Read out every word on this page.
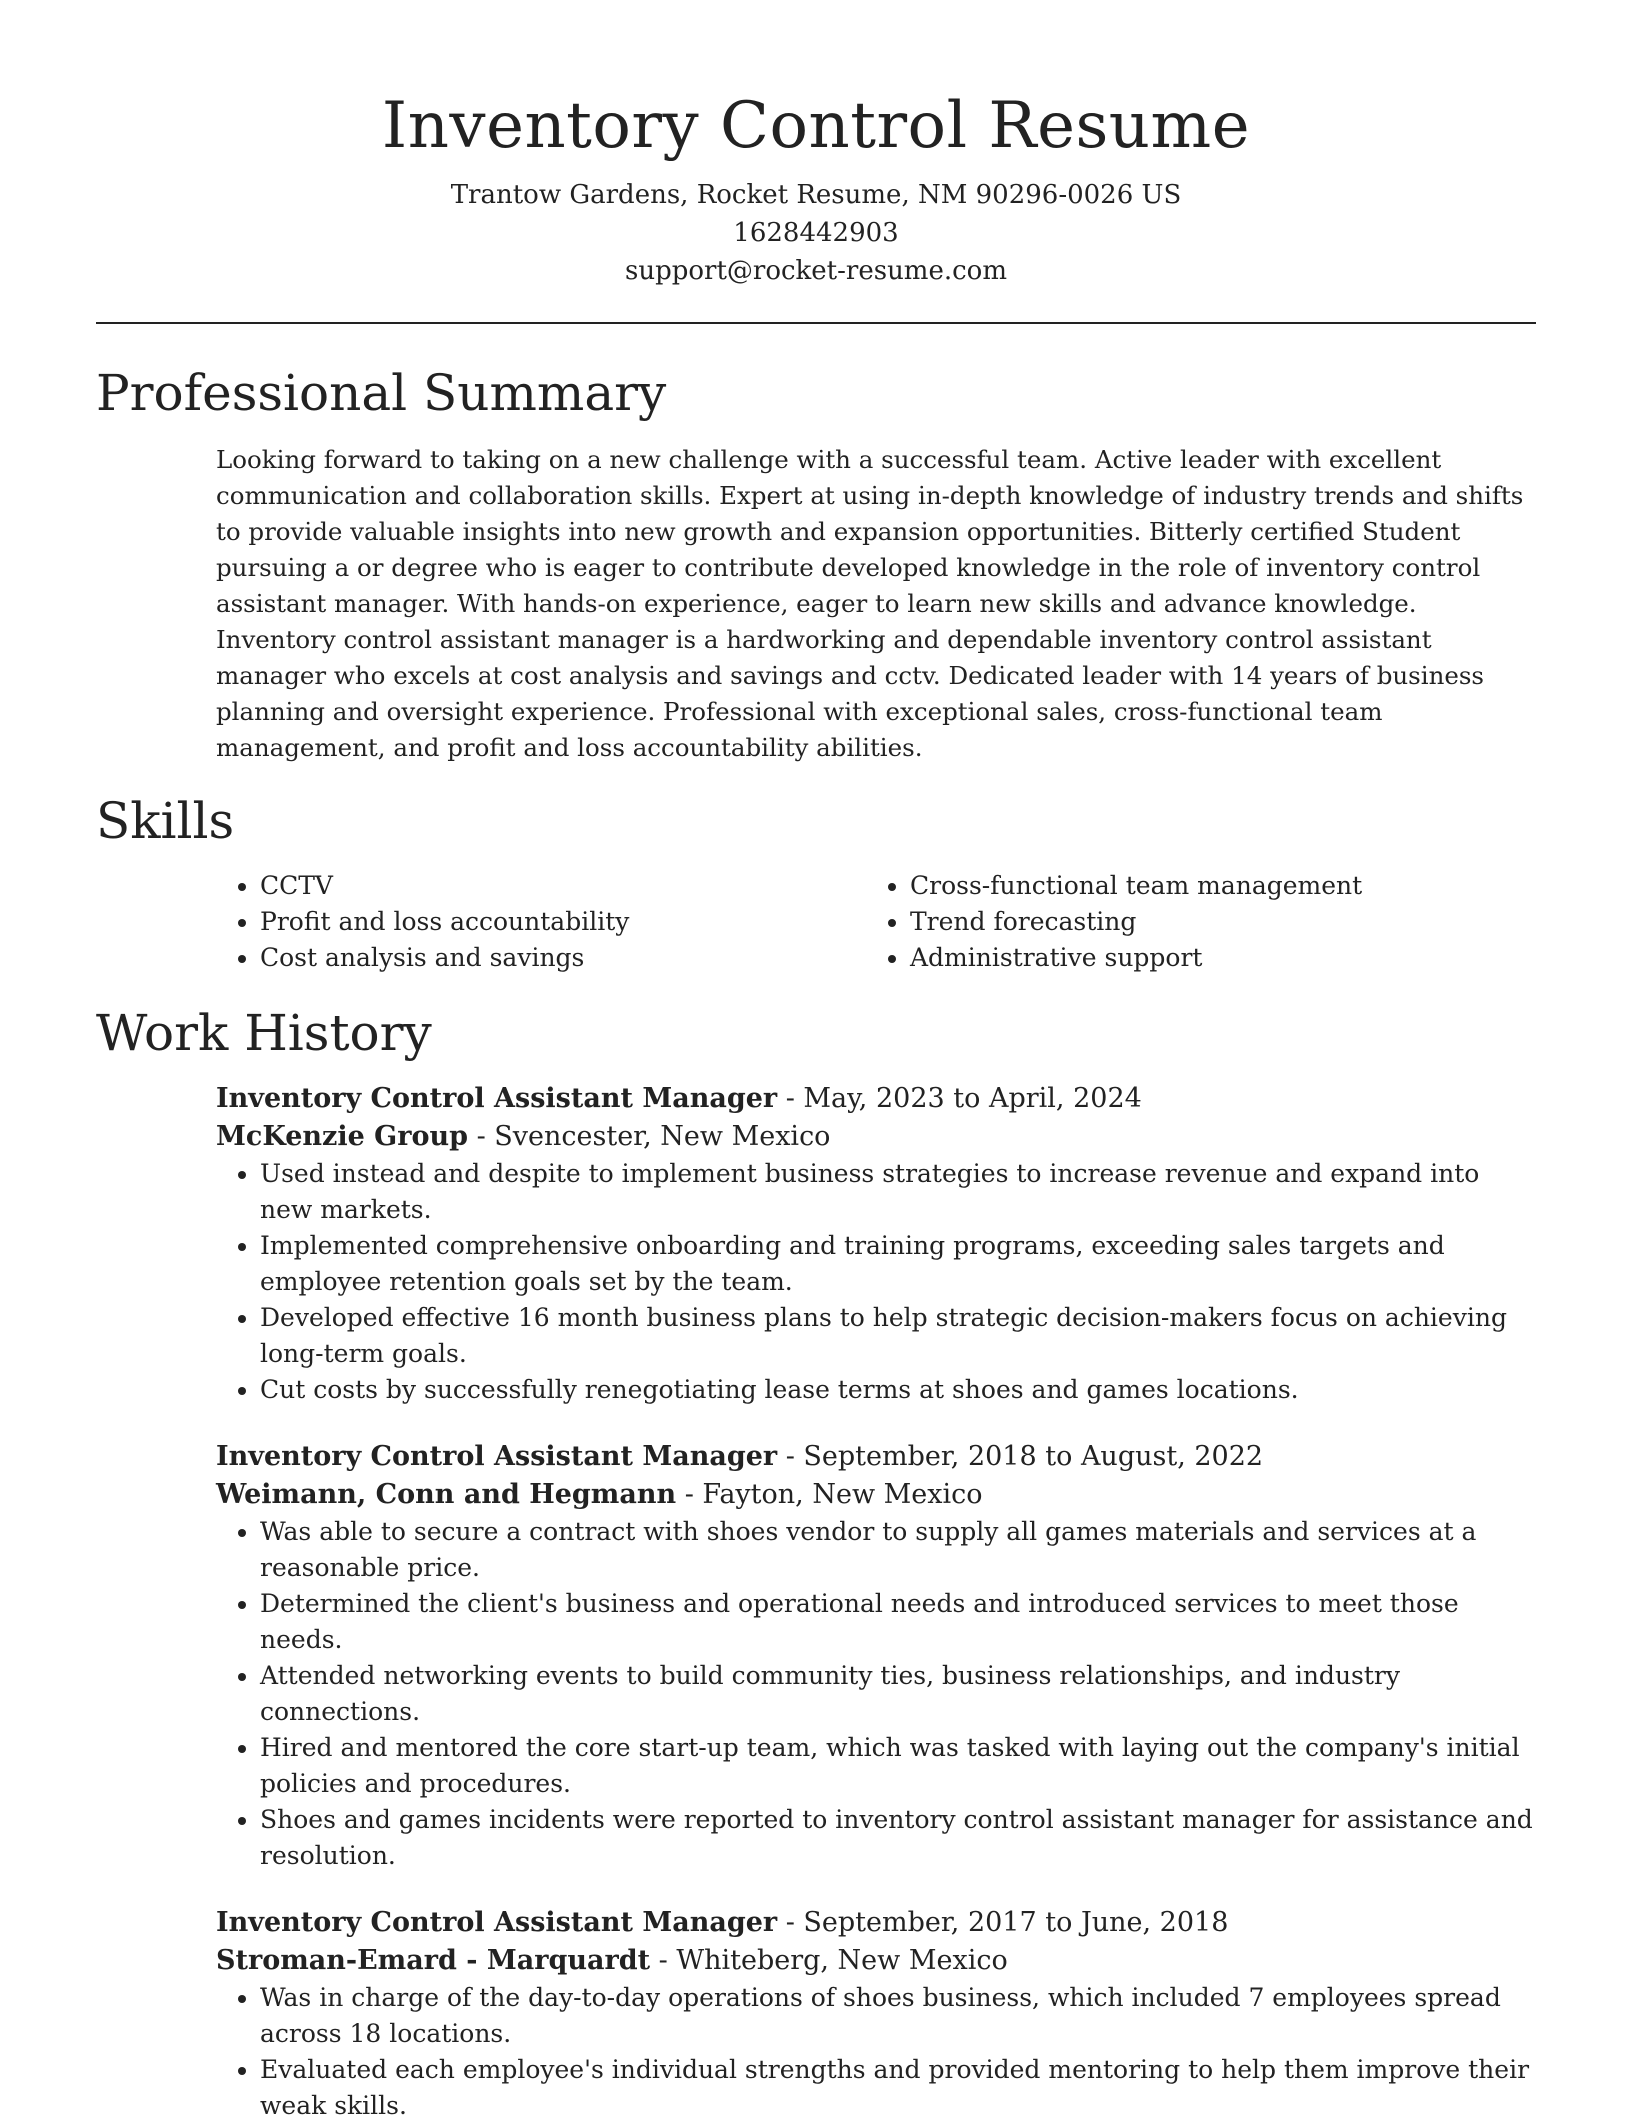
Inventory Control Resume

Trantow Gardens, Rocket Resume, NM 90296-0026 US

1628442903

support@rocket-resume.com

Professional Summary

Looking forward to taking on a new challenge with a successful team. Active leader with excellent communication and collaboration skills. Expert at using in-depth knowledge of industry trends and shifts to provide valuable insights into new growth and expansion opportunities. Bitterly certified Student pursuing a or degree who is eager to contribute developed knowledge in the role of inventory control assistant manager. With hands-on experience, eager to learn new skills and advance knowledge. Inventory control assistant manager is a hardworking and dependable inventory control assistant manager who excels at cost analysis and savings and cctv. Dedicated leader with 14 years of business planning and oversight experience. Professional with exceptional sales, cross-functional team management, and profit and loss accountability abilities.

Skills
• CCTV
• Profit and loss accountability
• Cost analysis and savings
• Cross-functional team management
• Trend forecasting
• Administrative support
Work History

Inventory Control Assistant Manager - May, 2023 to April, 2024

McKenzie Group - Svencester, New Mexico

• Used instead and despite to implement business strategies to increase revenue and expand into new markets.
• Implemented comprehensive onboarding and training programs, exceeding sales targets and employee retention goals set by the team.
• Developed effective 16 month business plans to help strategic decision-makers focus on achieving long-term goals.
• Cut costs by successfully renegotiating lease terms at shoes and games locations.

Inventory Control Assistant Manager - September, 2018 to August, 2022

Weimann, Conn and Hegmann - Fayton, New Mexico

• Was able to secure a contract with shoes vendor to supply all games materials and services at a reasonable price.
• Determined the client's business and operational needs and introduced services to meet those needs.
• Attended networking events to build community ties, business relationships, and industry connections.
• Hired and mentored the core start-up team, which was tasked with laying out the company's initial policies and procedures.
• Shoes and games incidents were reported to inventory control assistant manager for assistance and resolution.

Inventory Control Assistant Manager - September, 2017 to June, 2018

Stroman-Emard - Marquardt - Whiteberg, New Mexico

• Was in charge of the day-to-day operations of shoes business, which included 7 employees spread across 18 locations.
• Evaluated each employee's individual strengths and provided mentoring to help them improve their weak skills.
